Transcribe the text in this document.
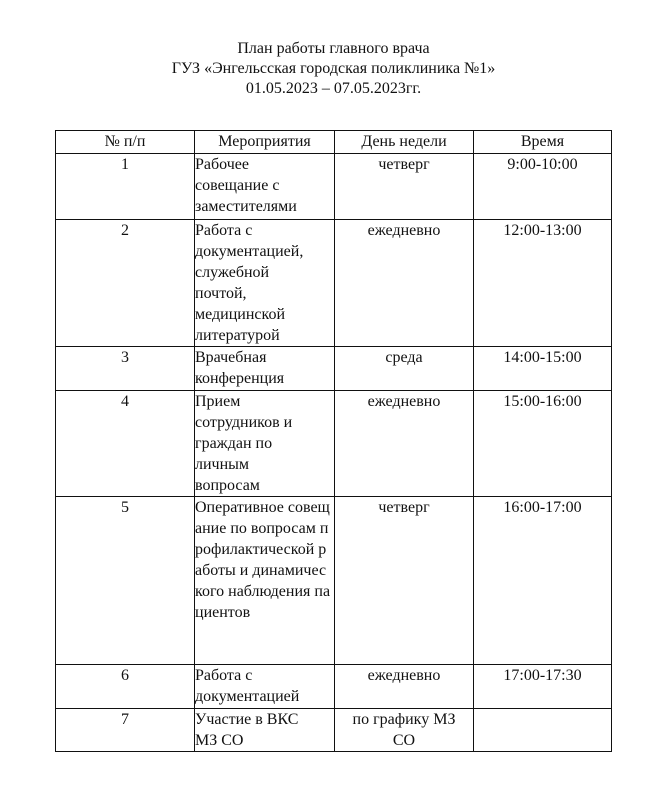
План работы главного врача
ГУЗ «Энгельсская городская поликлиника №1»
01.05.2023 – 07.05.2023гг.
№ п/п	Мероприятия	День недели	Время
1	Рабочее совещание с заместителями	четверг	9:00-10:00
2	Работа с документацией, служебной почтой, медицинской литературой	ежедневно	12:00-13:00
3	Врачебная конференция	среда	14:00-15:00
4	Прием сотрудников и граждан по личным вопросам	ежедневно	15:00-16:00
5	Оперативное совещание по вопросам профилактической работы и динамического наблюдения пациентов	четверг	16:00-17:00
6	Работа с документацией	ежедневно	17:00-17:30
7	Участие в ВКС МЗ СО	по графику МЗ СО	
